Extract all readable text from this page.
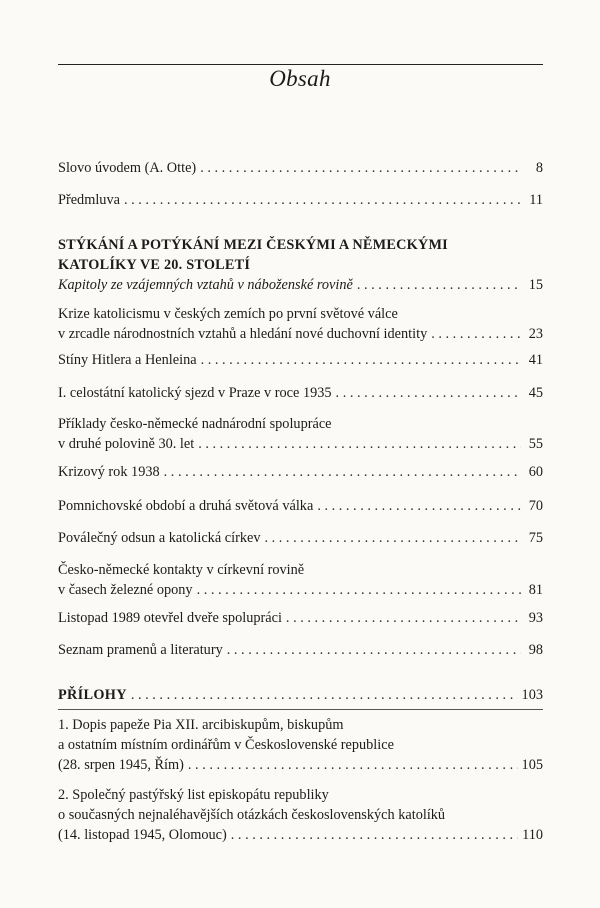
Obsah
Slovo úvodem (A. Otte) . . .	8
Předmluva . . .	11
STÝKÁNÍ A POTÝKÁNÍ MEZI ČESKÝMI A NĚMECKÝMI
KATOLÍKY VE 20. STOLETÍ
Kapitoly ze vzájemných vztahů v náboženské rovině . . .	15
Krize katolicismu v českých zemích po první světové válce
v zrcadle národnostních vztahů a hledání nové duchovní identity . . .	23
Stíny Hitlera a Henleina . . .	41
I. celostátní katolický sjezd v Praze v roce 1935 . . .	45
Příklady česko-německé nadnárodní spolupráce
v druhé polovině 30. let . . .	55
Krizový rok 1938 . . .	60
Pomnichovské období a druhá světová válka . . .	70
Poválečný odsun a katolická církev . . .	75
Česko-německé kontakty v církevní rovině
v časech železné opony . . .	81
Listopad 1989 otevřel dveře spolupráci . . .	93
Seznam pramenů a literatury . . .	98
PŘÍLOHY . . .	103
1. Dopis papeže Pia XII. arcibiskupům, biskupům
a ostatním místním ordinářům v Československé republice
(28. srpen 1945, Řím) . . .	105
2. Společný pastýřský list episkopátu republiky
o současných nejnaléhavějších otázkách československých katolíků
(14. listopad 1945, Olomouc) . . .	110
